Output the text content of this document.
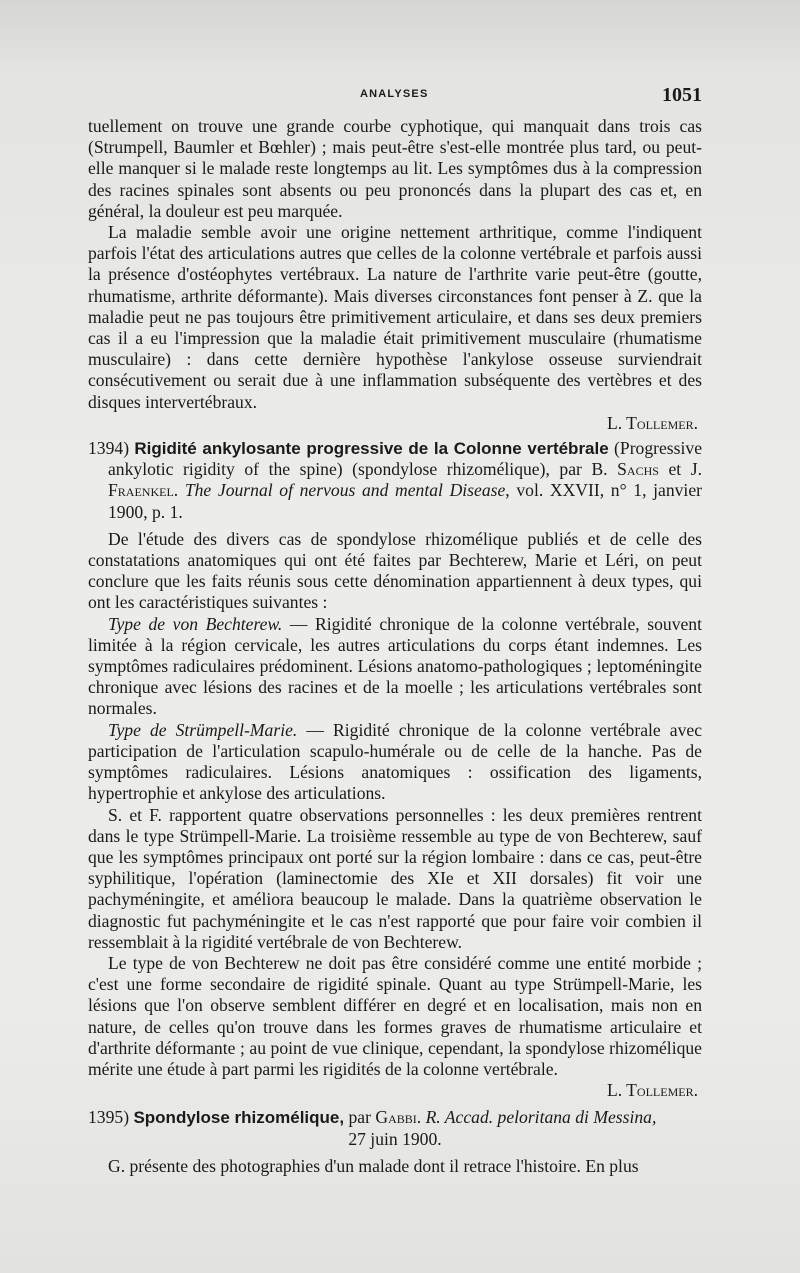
ANALYSES	1051

tuellement on trouve une grande courbe cyphotique, qui manquait dans trois cas (Strumpell, Baumler et Bœhler) ; mais peut-être s'est-elle montrée plus tard, ou peut-elle manquer si le malade reste longtemps au lit. Les symptômes dus à la compression des racines spinales sont absents ou peu prononcés dans la plupart des cas et, en général, la douleur est peu marquée.

La maladie semble avoir une origine nettement arthritique, comme l'indiquent parfois l'état des articulations autres que celles de la colonne vertébrale et parfois aussi la présence d'ostéophytes vertébraux. La nature de l'arthrite varie peut-être (goutte, rhumatisme, arthrite déformante). Mais diverses circonstances font penser à Z. que la maladie peut ne pas toujours être primitivement articulaire, et dans ses deux premiers cas il a eu l'impression que la maladie était primitivement musculaire (rhumatisme musculaire) : dans cette dernière hypothèse l'ankylose osseuse surviendrait consécutivement ou serait due à une inflammation subséquente des vertèbres et des disques intervertébraux.

L. Tollemer.

1394) Rigidité ankylosante progressive de la Colonne vertébrale (Progressive ankylotic rigidity of the spine) (spondylose rhizomélique), par B. Sachs et J. Fraenkel. The Journal of nervous and mental Disease, vol. XXVII, n° 1, janvier 1900, p. 1.

De l'étude des divers cas de spondylose rhizomélique publiés et de celle des constatations anatomiques qui ont été faites par Bechterew, Marie et Léri, on peut conclure que les faits réunis sous cette dénomination appartiennent à deux types, qui ont les caractéristiques suivantes :

Type de von Bechterew. — Rigidité chronique de la colonne vertébrale, souvent limitée à la région cervicale, les autres articulations du corps étant indemnes. Les symptômes radiculaires prédominent. Lésions anatomo-pathologiques ; leptoméningite chronique avec lésions des racines et de la moelle ; les articulations vertébrales sont normales.

Type de Strümpell-Marie. — Rigidité chronique de la colonne vertébrale avec participation de l'articulation scapulo-humérale ou de celle de la hanche. Pas de symptômes radiculaires. Lésions anatomiques : ossification des ligaments, hypertrophie et ankylose des articulations.

S. et F. rapportent quatre observations personnelles : les deux premières rentrent dans le type Strümpell-Marie. La troisième ressemble au type de von Bechterew, sauf que les symptômes principaux ont porté sur la région lombaire : dans ce cas, peut-être syphilitique, l'opération (laminectomie des XIe et XII dorsales) fit voir une pachyméningite, et améliora beaucoup le malade. Dans la quatrième observation le diagnostic fut pachyméningite et le cas n'est rapporté que pour faire voir combien il ressemblait à la rigidité vertébrale de von Bechterew.

Le type de von Bechterew ne doit pas être considéré comme une entité morbide ; c'est une forme secondaire de rigidité spinale. Quant au type Strümpell-Marie, les lésions que l'on observe semblent différer en degré et en localisation, mais non en nature, de celles qu'on trouve dans les formes graves de rhumatisme articulaire et d'arthrite déformante ; au point de vue clinique, cependant, la spondylose rhizomélique mérite une étude à part parmi les rigidités de la colonne vertébrale.

L. Tollemer.

1395) Spondylose rhizomélique, par Gabbi. R. Accad. peloritana di Messina,

27 juin 1900.

G. présente des photographies d'un malade dont il retrace l'histoire. En plus
